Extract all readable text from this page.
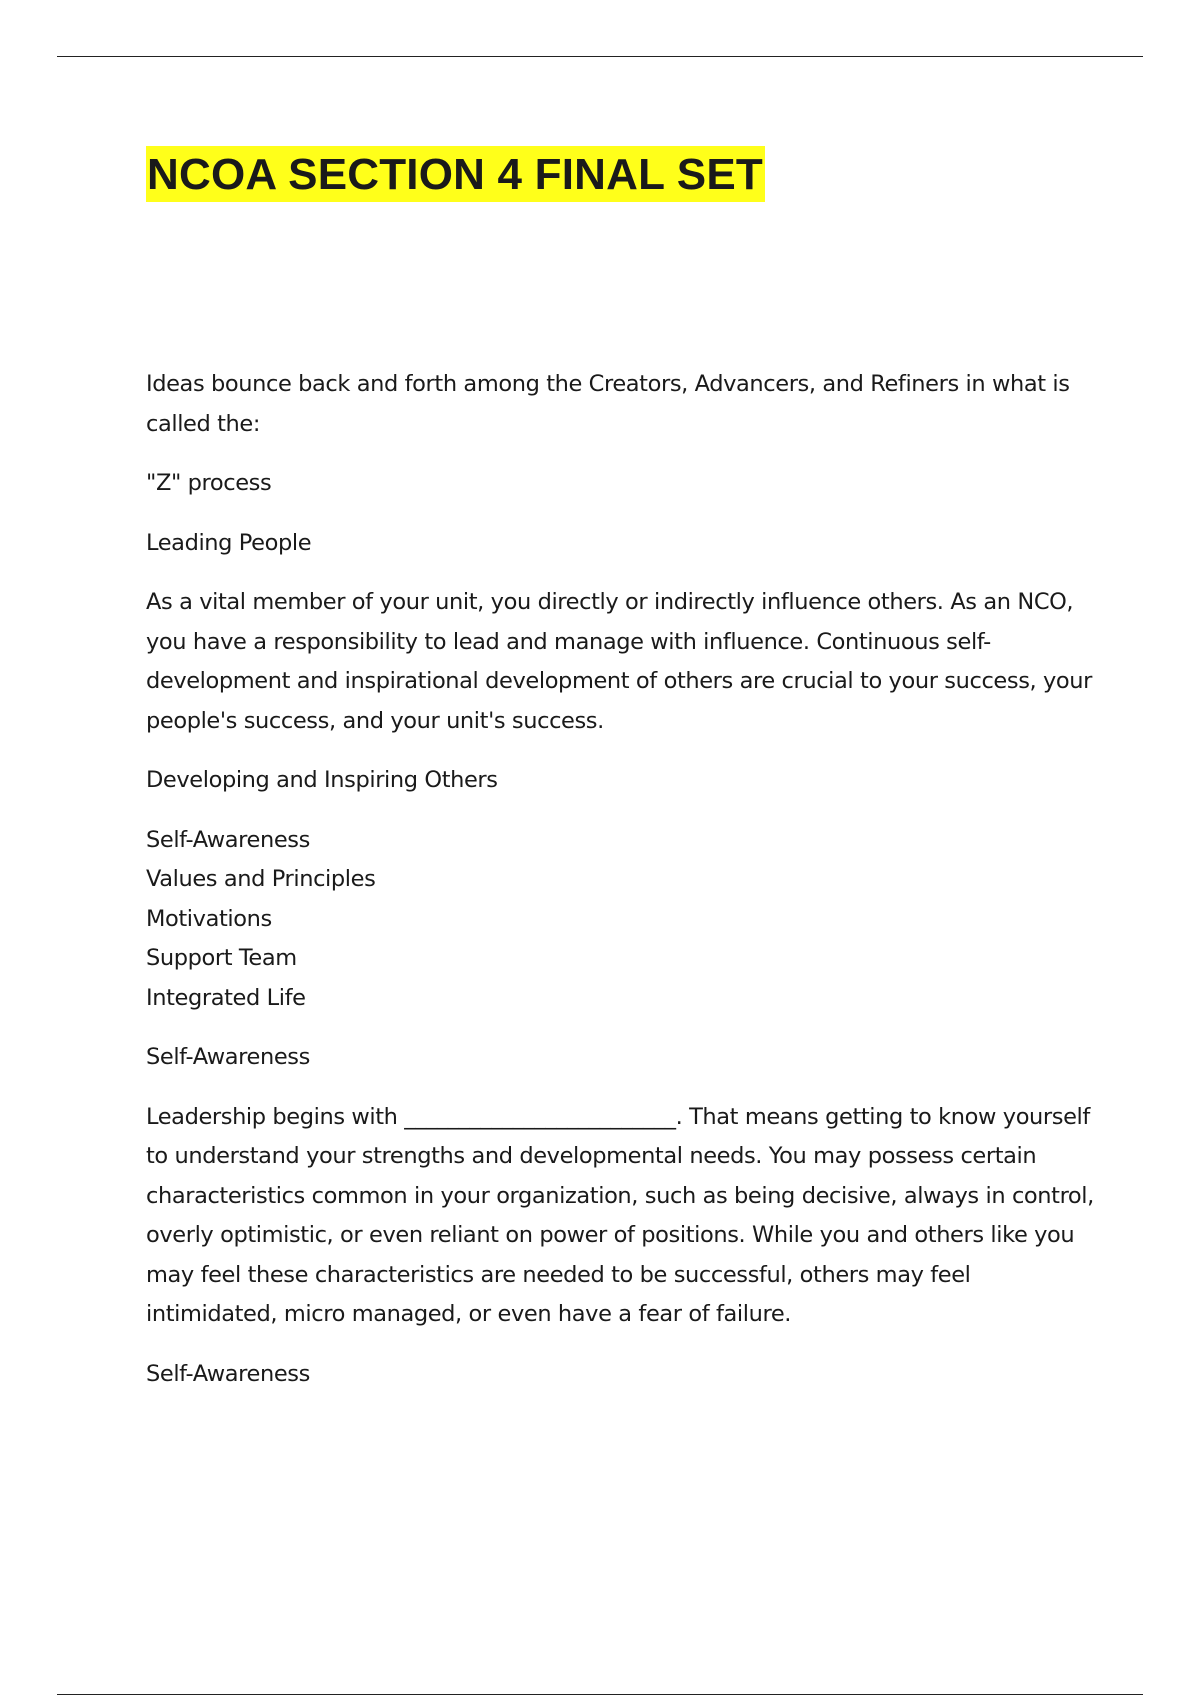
NCOA SECTION 4 FINAL SET

Ideas bounce back and forth among the Creators, Advancers, and Refiners in what is called the:

"Z" process

Leading People

As a vital member of your unit, you directly or indirectly influence others. As an NCO, you have a responsibility to lead and manage with influence. Continuous self-development and inspirational development of others are crucial to your success, your people's success, and your unit's success.

Developing and Inspiring Others

Self-Awareness
Values and Principles
Motivations
Support Team
Integrated Life

Self-Awareness

Leadership begins with _________________________. That means getting to know yourself to understand your strengths and developmental needs. You may possess certain characteristics common in your organization, such as being decisive, always in control, overly optimistic, or even reliant on power of positions. While you and others like you may feel these characteristics are needed to be successful, others may feel intimidated, micro managed, or even have a fear of failure.

Self-Awareness
